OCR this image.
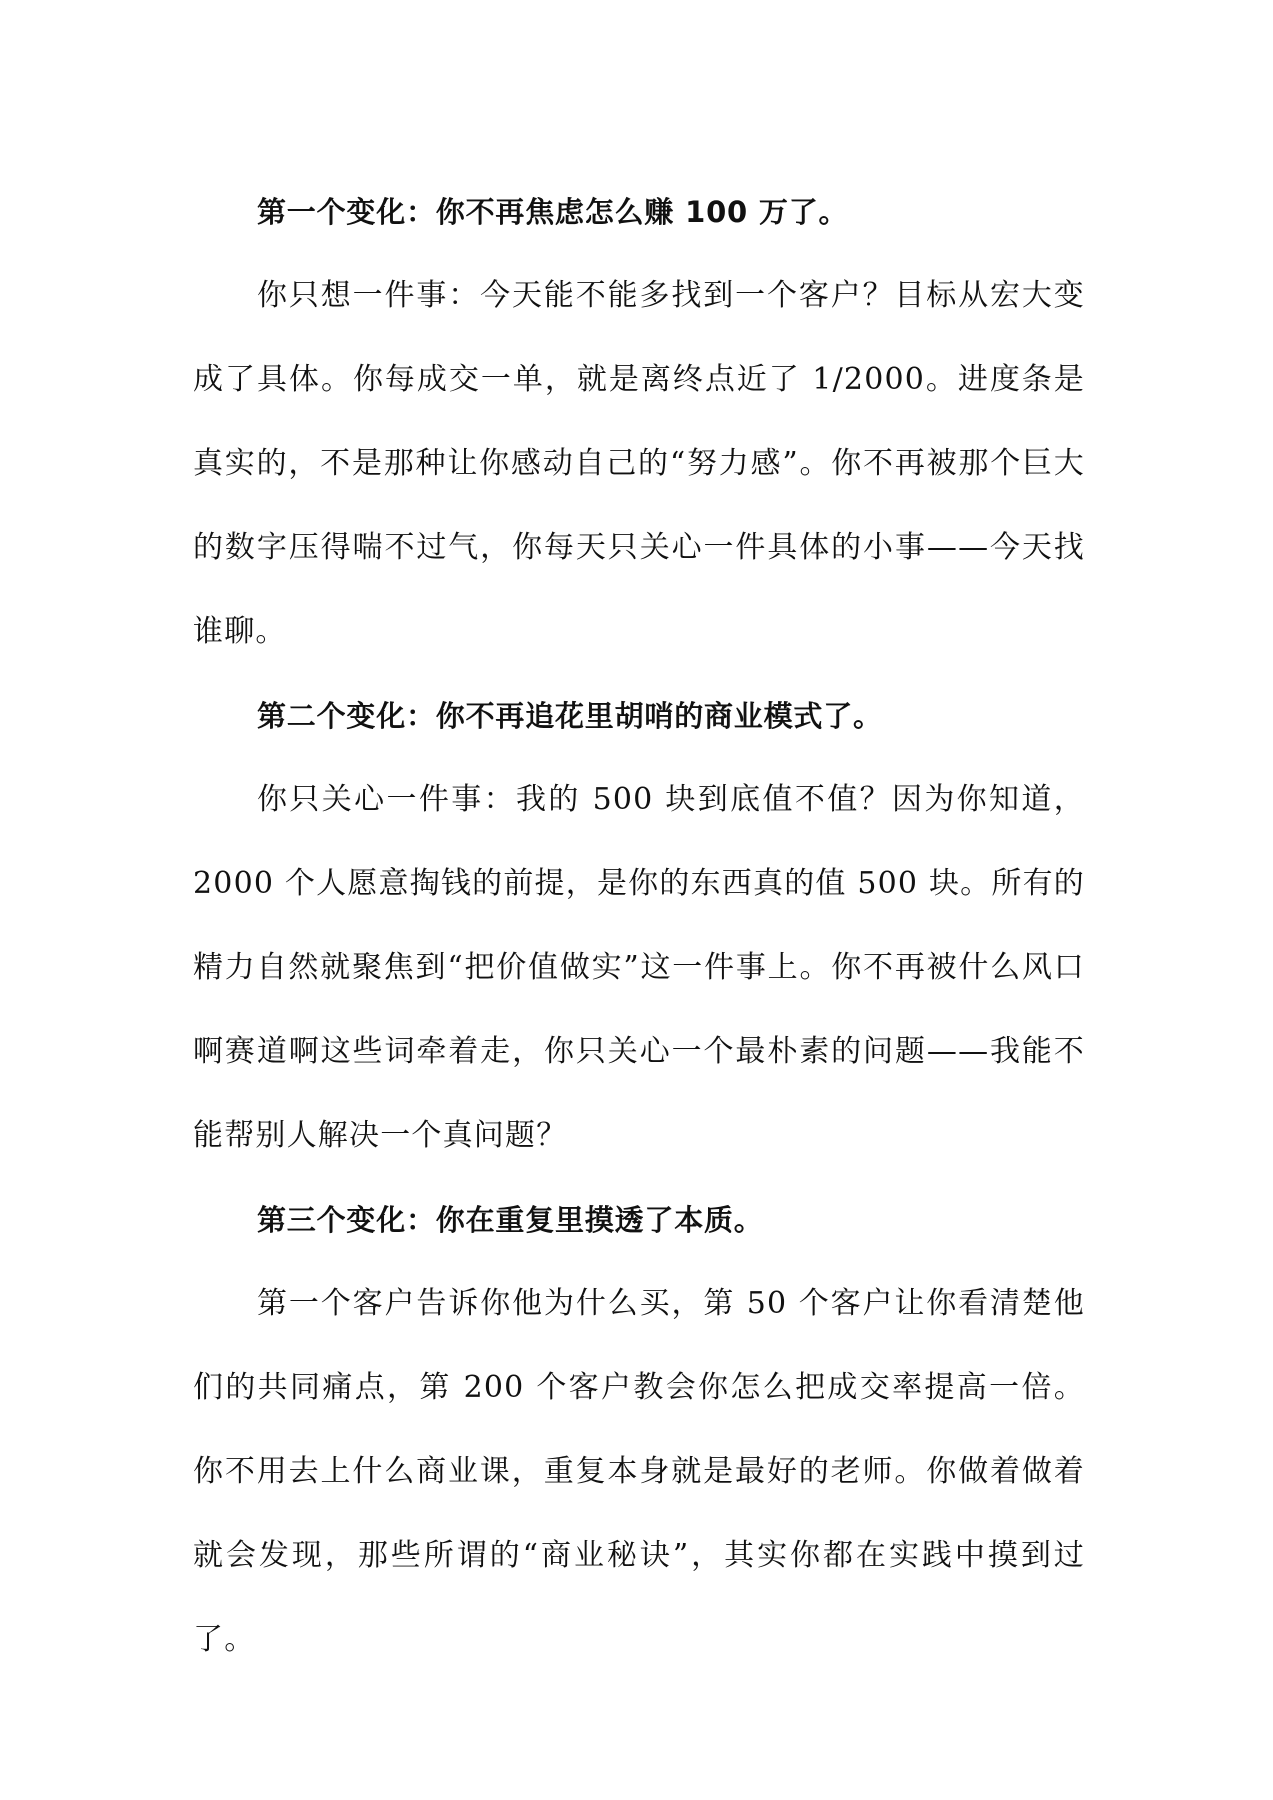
第一个变化：你不再焦虑怎么赚 100 万了。

你只想一件事：今天能不能多找到一个客户？目标从宏大变成了具体。你每成交一单，就是离终点近了 1/2000。进度条是真实的，不是那种让你感动自己的“努力感”。你不再被那个巨大的数字压得喘不过气，你每天只关心一件具体的小事——今天找谁聊。

第二个变化：你不再追花里胡哨的商业模式了。

你只关心一件事：我的 500 块到底值不值？因为你知道，2000 个人愿意掏钱的前提，是你的东西真的值 500 块。所有的精力自然就聚焦到“把价值做实”这一件事上。你不再被什么风口啊赛道啊这些词牵着走，你只关心一个最朴素的问题——我能不能帮别人解决一个真问题？

第三个变化：你在重复里摸透了本质。

第一个客户告诉你他为什么买，第 50 个客户让你看清楚他们的共同痛点，第 200 个客户教会你怎么把成交率提高一倍。你不用去上什么商业课，重复本身就是最好的老师。你做着做着就会发现，那些所谓的“商业秘诀”，其实你都在实践中摸到过了。
